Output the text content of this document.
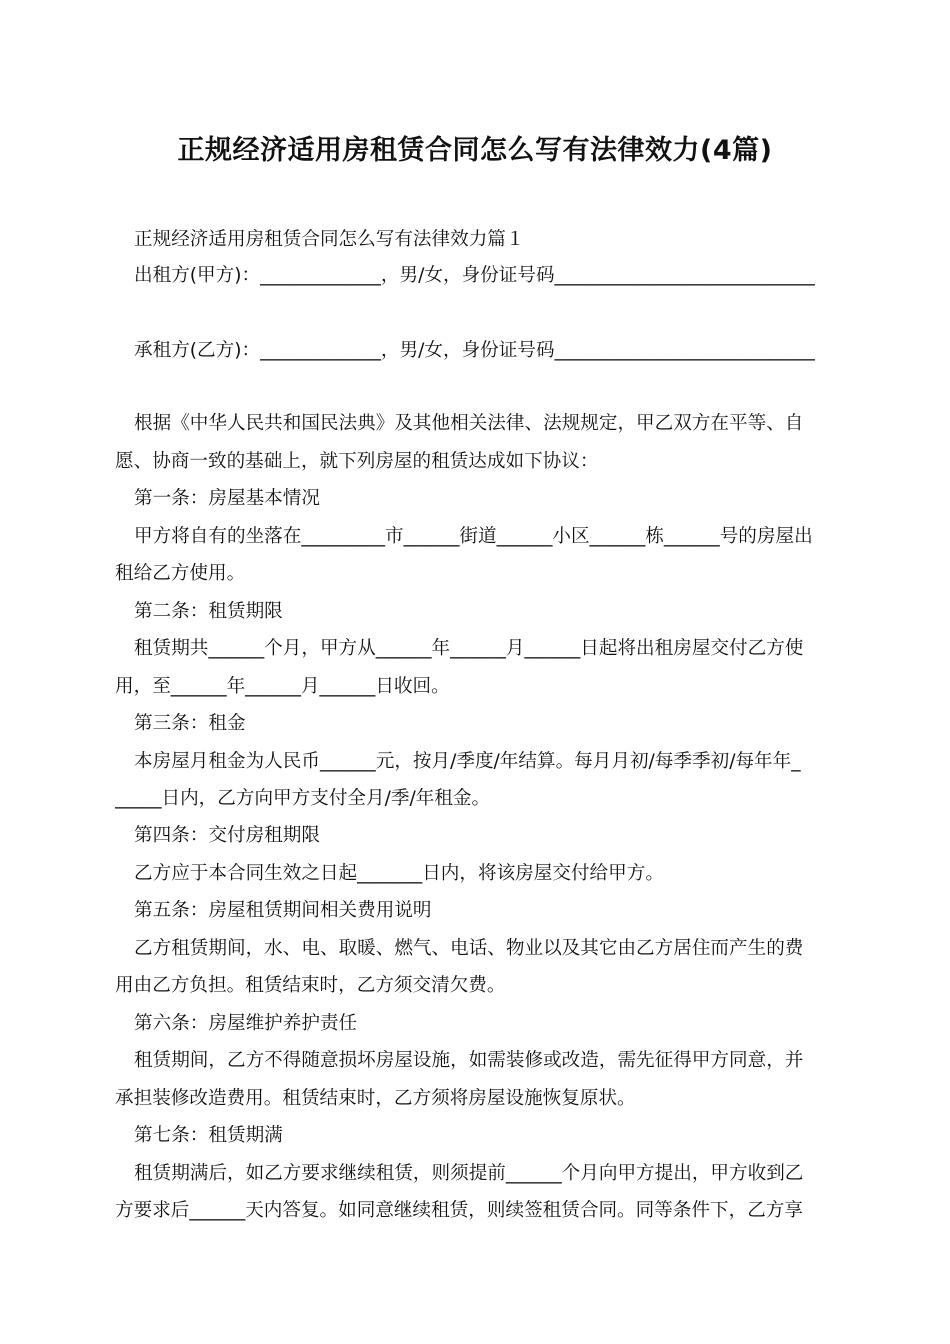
正规经济适用房租赁合同怎么写有法律效力(4篇)
正规经济适用房租赁合同怎么写有法律效力篇１
出租方(甲方)：_____________，男/女，身份证号码____________________________
承租方(乙方)：_____________，男/女，身份证号码____________________________
根据《中华人民共和国民法典》及其他相关法律、法规规定，甲乙双方在平等、自
愿、协商一致的基础上，就下列房屋的租赁达成如下协议：
第一条：房屋基本情况
甲方将自有的坐落在_________市______街道______小区______栋______号的房屋出
租给乙方使用。
第二条：租赁期限
租赁期共______个月，甲方从______年______月______日起将出租房屋交付乙方使
用，至______年______月______日收回。
第三条：租金
本房屋月租金为人民币______元，按月/季度/年结算。每月月初/每季季初/每年年_
_____日内，乙方向甲方支付全月/季/年租金。
第四条：交付房租期限
乙方应于本合同生效之日起_______日内，将该房屋交付给甲方。
第五条：房屋租赁期间相关费用说明
乙方租赁期间，水、电、取暖、燃气、电话、物业以及其它由乙方居住而产生的费
用由乙方负担。租赁结束时，乙方须交清欠费。
第六条：房屋维护养护责任
租赁期间，乙方不得随意损坏房屋设施，如需装修或改造，需先征得甲方同意，并
承担装修改造费用。租赁结束时，乙方须将房屋设施恢复原状。
第七条：租赁期满
租赁期满后，如乙方要求继续租赁，则须提前______个月向甲方提出，甲方收到乙
方要求后______天内答复。如同意继续租赁，则续签租赁合同。同等条件下，乙方享
